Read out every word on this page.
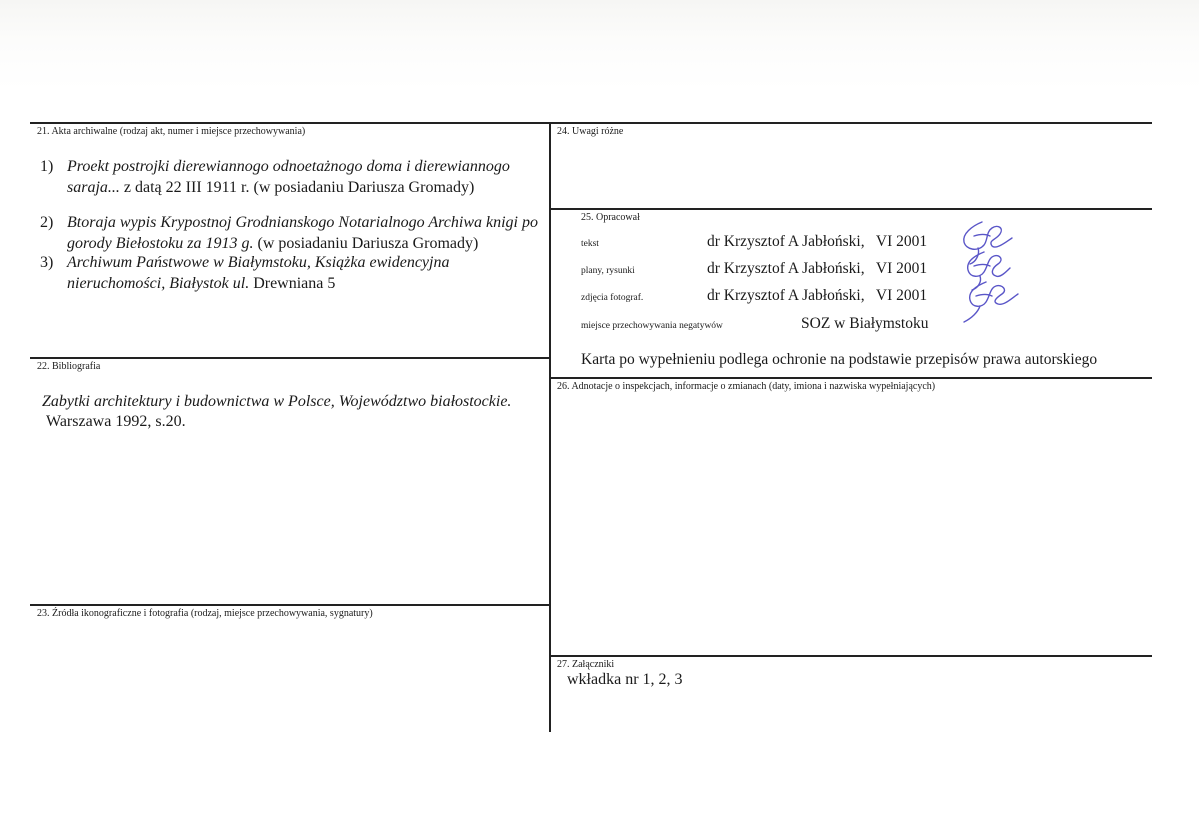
21. Akta archiwalne (rodzaj akt, numer i miejsce przechowywania)
1) Proekt postrojki dierewiannogo odnoetażnogo doma i dierewiannogo saraja... z datą 22 III 1911 r. (w posiadaniu Dariusza Gromady)
2) Btoraja wypis Krypostnoj Grodnianskogo Notarialnogo Archiwa knigi po gorody Biełostoku za 1913 g. (w posiadaniu Dariusza Gromady)
3) Archiwum Państwowe w Białymstoku, Książka ewidencyjna nieruchomości, Białystok ul. Drewniana 5
22. Bibliografia
Zabytki architektury i budownictwa w Polsce, Województwo białostockie.
Warszawa 1992, s.20.
23. Źródła ikonograficzne i fotografia (rodzaj, miejsce przechowywania, sygnatury)
24. Uwagi różne
25. Opracował
tekst	dr Krzysztof A Jabłoński,   VI 2001
plany, rysunki	dr Krzysztof A Jabłoński,   VI 2001
zdjęcia fotograf.	dr Krzysztof A Jabłoński,   VI 2001
miejsce przechowywania negatywów	SOZ w Białymstoku
Karta po wypełnieniu podlega ochronie na podstawie przepisów prawa autorskiego
26. Adnotacje o inspekcjach, informacje o zmianach (daty, imiona i nazwiska wypełniających)
27. Załączniki
wkładka nr 1, 2, 3
